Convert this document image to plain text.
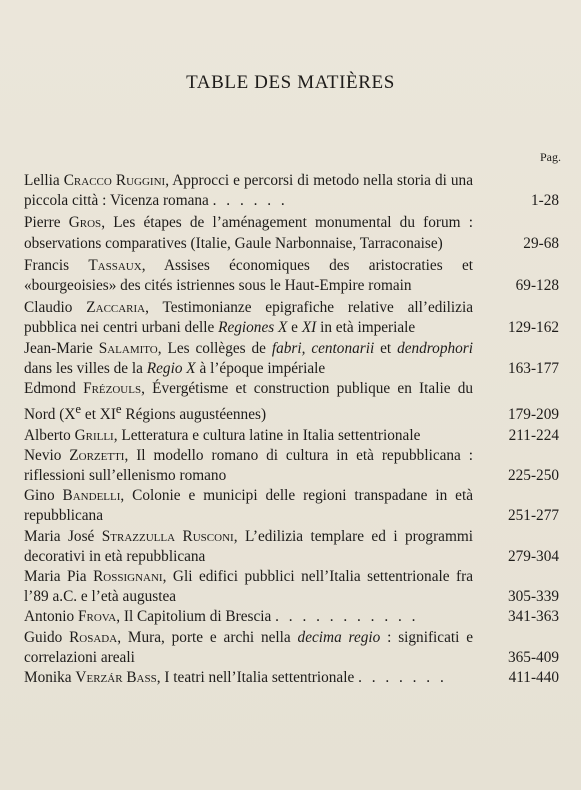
TABLE DES MATIÈRES
Pag.
Lellia Cracco Ruggini, Approcci e percorsi di metodo nella storia di una piccola città : Vicenza romana . . . . . .	1-28
Pierre Gros, Les étapes de l’aménagement monumental du forum : observations comparatives (Italie, Gaule Narbonnaise, Tarraconaise)	29-68
Francis Tassaux, Assises économiques des aristocraties et «bourgeoisies» des cités istriennes sous le Haut-Empire romain	69-128
Claudio Zaccaria, Testimonianze epigrafiche relative all’edilizia pubblica nei centri urbani delle Regiones X e XI in età imperiale	129-162
Jean-Marie Salamito, Les collèges de fabri, centonarii et dendrophori dans les villes de la Regio X à l’époque impériale	163-177
Edmond Frézouls, Évergétisme et construction publique en Italie du Nord (Xe et XIe Régions augustéennes)	179-209
Alberto Grilli, Letteratura e cultura latine in Italia settentrionale	211-224
Nevio Zorzetti, Il modello romano di cultura in età repubblicana : riflessioni sull’ellenismo romano	225-250
Gino Bandelli, Colonie e municipi delle regioni transpadane in età repubblicana	251-277
Maria José Strazzulla Rusconi, L’edilizia templare ed i programmi decorativi in età repubblicana	279-304
Maria Pia Rossignani, Gli edifici pubblici nell’Italia settentrionale fra l’89 a.C. e l’età augustea	305-339
Antonio Frova, Il Capitolium di Brescia . . . . . . . . . . .	341-363
Guido Rosada, Mura, porte e archi nella decima regio : significati e correlazioni areali	365-409
Monika Verzár Bass, I teatri nell’Italia settentrionale . . . . . . .	411-440
